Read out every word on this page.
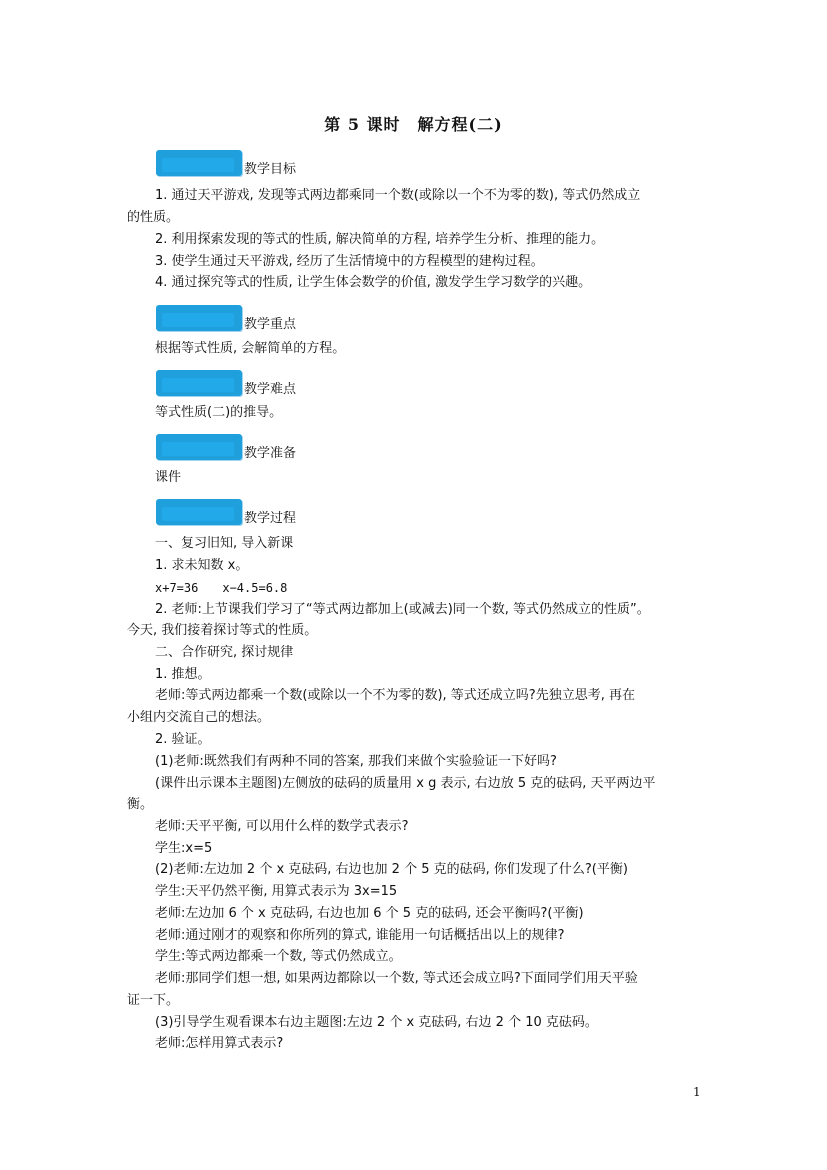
第 5 课时　解方程(二)
教学目标
1. 通过天平游戏, 发现等式两边都乘同一个数(或除以一个不为零的数), 等式仍然成立
的性质。
2. 利用探索发现的等式的性质, 解决简单的方程, 培养学生分析、推理的能力。
3. 使学生通过天平游戏, 经历了生活情境中的方程模型的建构过程。
4. 通过探究等式的性质, 让学生体会数学的价值, 激发学生学习数学的兴趣。
教学重点
根据等式性质, 会解简单的方程。
教学难点
等式性质(二)的推导。
教学准备
课件
教学过程
一、复习旧知, 导入新课
1. 求未知数 x。
x+7=36　　x−4.5=6.8
2. 老师:上节课我们学习了“等式两边都加上(或减去)同一个数, 等式仍然成立的性质”。
今天, 我们接着探讨等式的性质。
二、合作研究, 探讨规律
1. 推想。
老师:等式两边都乘一个数(或除以一个不为零的数), 等式还成立吗?先独立思考, 再在
小组内交流自己的想法。
2. 验证。
(1)老师:既然我们有两种不同的答案, 那我们来做个实验验证一下好吗?
(课件出示课本主题图)左侧放的砝码的质量用 x g 表示, 右边放 5 克的砝码, 天平两边平
衡。
老师:天平平衡, 可以用什么样的数学式表示?
学生:x=5
(2)老师:左边加 2 个 x 克砝码, 右边也加 2 个 5 克的砝码, 你们发现了什么?(平衡)
学生:天平仍然平衡, 用算式表示为 3x=15
老师:左边加 6 个 x 克砝码, 右边也加 6 个 5 克的砝码, 还会平衡吗?(平衡)
老师:通过刚才的观察和你所列的算式, 谁能用一句话概括出以上的规律?
学生:等式两边都乘一个数, 等式仍然成立。
老师:那同学们想一想, 如果两边都除以一个数, 等式还会成立吗?下面同学们用天平验
证一下。
(3)引导学生观看课本右边主题图:左边 2 个 x 克砝码, 右边 2 个 10 克砝码。
老师:怎样用算式表示?
1
